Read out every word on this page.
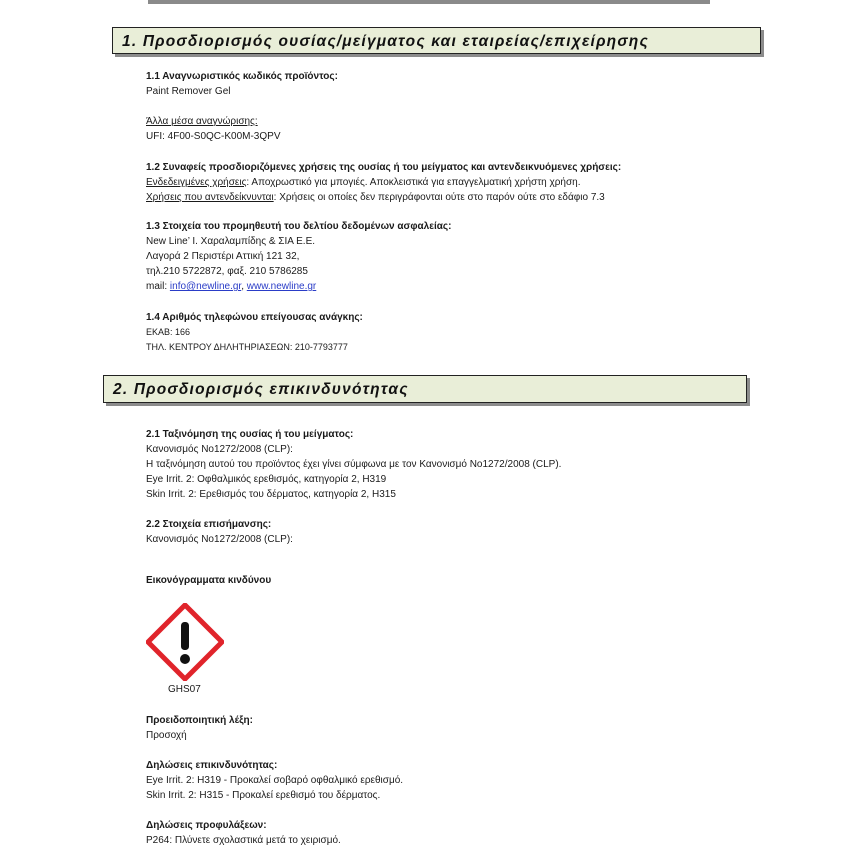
1. Προσδιορισμός ουσίας/μείγματος και εταιρείας/επιχείρησης
1.1 Αναγνωριστικός κωδικός προϊόντος:
Paint Remover Gel
Άλλα μέσα αναγνώρισης:
UFI: 4F00-S0QC-K00M-3QPV
1.2 Συναφείς προσδιοριζόμενες χρήσεις της ουσίας ή του μείγματος και αντενδεικνυόμενες χρήσεις:
Ενδεδειγμένες χρήσεις: Αποχρωστικό για μπογιές. Αποκλειστικά για επαγγελματική χρήστη χρήση.
Χρήσεις που αντενδείκνυνται: Χρήσεις οι οποίες δεν περιγράφονται ούτε στο παρόν ούτε στο εδάφιο 7.3
1.3 Στοιχεία του προμηθευτή του δελτίου δεδομένων ασφαλείας:
New Line’ Ι. Χαραλαμπίδης & ΣΙΑ Ε.Ε.
Λαγορά 2 Περιστέρι Αττική 121 32,
τηλ.210 5722872, φαξ. 210 5786285
mail: info@newline.gr, www.newline.gr
1.4 Αριθμός τηλεφώνου επείγουσας ανάγκης:
ΕΚΑΒ: 166
ΤΗΛ. ΚΕΝΤΡΟΥ ΔΗΛΗΤΗΡΙΑΣΕΩΝ: 210-7793777
2. Προσδιορισμός επικινδυνότητας
2.1 Ταξινόμηση της ουσίας ή του μείγματος:
Κανονισμός Νο1272/2008 (CLP):
Η ταξινόμηση αυτού του προϊόντος έχει γίνει σύμφωνα με τον Κανονισμό Νο1272/2008 (CLP).
Eye Irrit. 2: Οφθαλμικός ερεθισμός, κατηγορία 2, H319
Skin Irrit. 2: Ερεθισμός του δέρματος, κατηγορία 2, H315
2.2 Στοιχεία επισήμανσης:
Κανονισμός Νο1272/2008 (CLP):
Εικονόγραμματα κινδύνου
GHS07
Προειδοποιητική λέξη:
Προσοχή
Δηλώσεις επικινδυνότητας:
Eye Irrit. 2: H319 - Προκαλεί σοβαρό οφθαλμικό ερεθισμό.
Skin Irrit. 2: H315 - Προκαλεί ερεθισμό του δέρματος.
Δηλώσεις προφυλάξεων:
P264: Πλύνετε σχολαστικά μετά το χειρισμό.
